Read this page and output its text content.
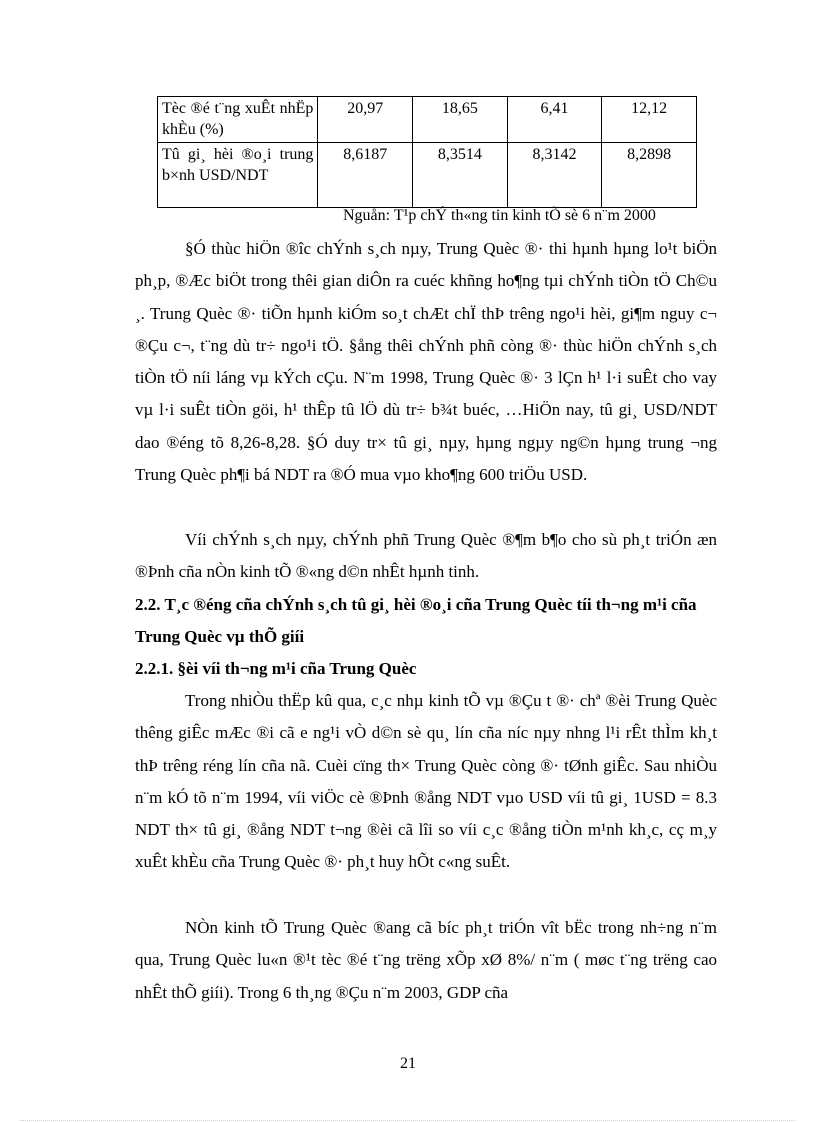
Tèc ®é t¨ng xuÊt nhËp khÈu (%)	20,97	18,65	6,41	12,12
Tû gi¸ hèi ®o¸i trung b×nh USD/NDT	8,6187	8,3514	8,3142	8,2898
Nguån: T¹p chÝ th«ng tin kinh tÕ sè 6 n¨m 2000

§Ó thùc hiÖn ®îc chÝnh s¸ch nµy, Trung Quèc ®· thi hµnh hµng lo¹t biÖn ph¸p, ®Æc biÖt trong thêi gian diÔn ra cuéc khñng ho¶ng tµi chÝnh tiÒn tÖ Ch©u ¸. Trung Quèc ®· tiÕn hµnh kiÓm so¸t chÆt chÏ thÞ trêng ngo¹i hèi, gi¶m nguy c¬ ®Çu c¬, t¨ng dù tr÷ ngo¹i tÖ. §ång thêi chÝnh phñ còng ®· thùc hiÖn chÝnh s¸ch tiÒn tÖ níi láng vµ kÝch cÇu. N¨m 1998, Trung Quèc ®· 3 lÇn h¹ l·i suÊt cho vay vµ l·i suÊt tiÒn göi, h¹ thÊp tû lÖ dù tr÷ b¾t buéc, …HiÖn nay, tû gi¸ USD/NDT dao ®éng tõ 8,26-8,28. §Ó duy tr× tû gi¸ nµy, hµng ngµy ng©n hµng trung ¬ng Trung Quèc ph¶i bá NDT ra ®Ó mua vµo kho¶ng 600 triÖu USD.

Víi chÝnh s¸ch nµy, chÝnh phñ Trung Quèc ®¶m b¶o cho sù ph¸t triÓn æn ®Þnh cña nÒn kinh tÕ ®«ng d©n nhÊt hµnh tinh.

2.2. T¸c ®éng cña chÝnh s¸ch tû gi¸ hèi ®o¸i cña Trung Quèc tíi th¬ng m¹i cña Trung Quèc vµ thÕ giíi

2.2.1. §èi víi th¬ng m¹i cña Trung Quèc

Trong nhiÒu thËp kû qua, c¸c nhµ kinh tÕ vµ ®Çu t ®· chª ®èi Trung Quèc thêng giÊc mÆc ®i cã e ng¹i vÒ d©n sè qu¸ lín cña níc nµy nhng l¹i rÊt thÌm kh¸t thÞ trêng réng lín cña nã. Cuèi cïng th× Trung Quèc còng ®· tØnh giÊc. Sau nhiÒu n¨m kÓ tõ n¨m 1994, víi viÖc cè ®Þnh ®ång NDT vµo USD víi tû gi¸ 1USD = 8.3 NDT th× tû gi¸ ®ång NDT t¬ng ®èi cã lîi so víi c¸c ®ång tiÒn m¹nh kh¸c, cç m¸y xuÊt khÈu cña Trung Quèc ®· ph¸t huy hÕt c«ng suÊt.

NÒn kinh tÕ Trung Quèc ®ang cã bíc ph¸t triÓn vît bËc trong nh÷ng n¨m qua, Trung Quèc lu«n ®¹t tèc ®é t¨ng trëng xÕp xØ 8%/ n¨m ( møc t¨ng trëng cao nhÊt thÕ giíi). Trong 6 th¸ng ®Çu n¨m 2003, GDP cña

21
